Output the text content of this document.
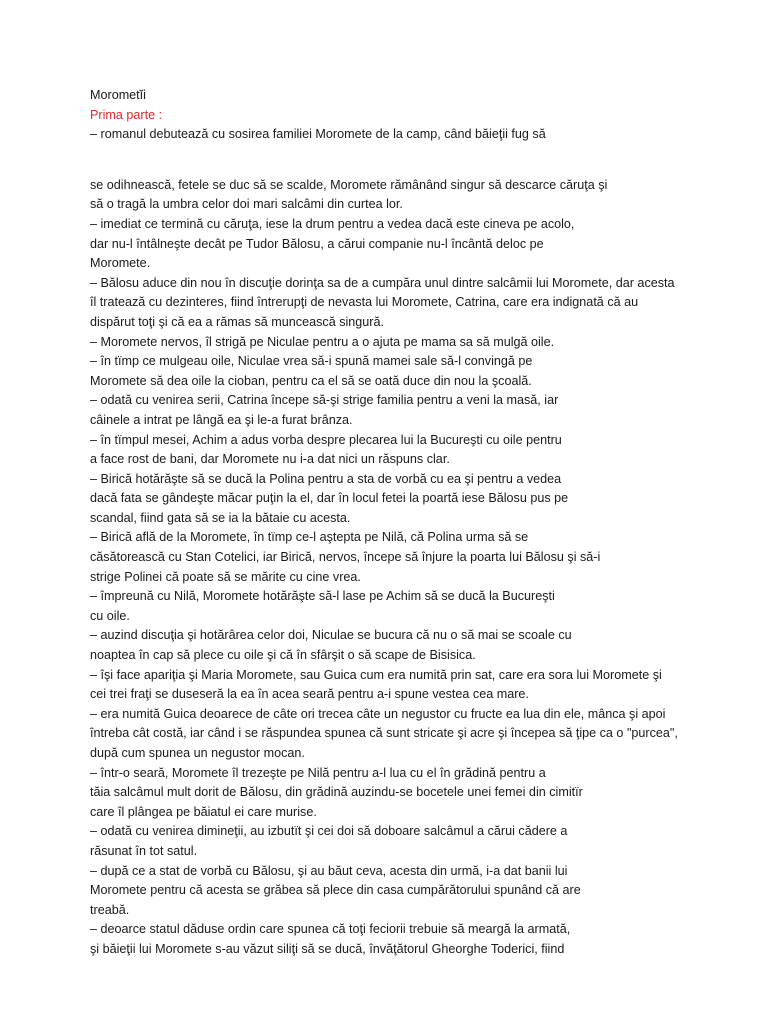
Morometĭi
Prima parte :
– romanul debutează cu sosirea familiei Moromete de la camp, când băieţii fug să
se odihnească, fetele se duc să se scalde, Moromete rămânând singur să descarce căruţa şi
să o tragă la umbra celor doi mari salcâmi din curtea lor.
– imediat ce termină cu căruţa, iese la drum pentru a vedea dacă este cineva pe acolo,
dar nu-l întâlneşte decât pe Tudor Bălosu, a cărui companie nu-l încântă deloc pe
Moromete.
– Bălosu aduce din nou în discuţie dorinţa sa de a cumpăra unul dintre salcâmii lui Moromete, dar acesta
îl tratează cu dezinteres, fiind întrerupţi de nevasta lui Moromete, Catrina, care era indignată că au
dispărut toţi şi că ea a rămas să muncească singură.
– Moromete nervos, îl strigă pe Niculae pentru a o ajuta pe mama sa să mulgă oile.
– în tïmp ce mulgeau oile, Niculae vrea să-i spună mamei sale să-l convingă pe
Moromete să dea oile la cioban, pentru ca el să se oată duce din nou la şcoală.
– odată cu venirea serii, Catrina începe să-şi strige familia pentru a veni la masă, iar
câinele a intrat pe lângă ea şi le-a furat brânza.
– în tïmpul mesei, Achim a adus vorba despre plecarea lui la Bucureşti cu oile pentru
a face rost de bani, dar Moromete nu i-a dat nici un răspuns clar.
– Birică hotărăşte să se ducă la Polina pentru a sta de vorbă cu ea şi pentru a vedea
dacă fata se gândeşte măcar puţin la el, dar în locul fetei la poartă iese Bălosu pus pe
scandal, fiind gata să se ia la bătaie cu acesta.
– Birică află de la Moromete, în tïmp ce-l aştepta pe Nilă, că Polina urma să se
căsătorească cu Stan Cotelici, iar Birică, nervos, începe să înjure la poarta lui Bălosu şi să-i
strige Polinei că poate să se mărite cu cine vrea.
– împreună cu Nilă, Moromete hotărăşte să-l lase pe Achim să se ducă la Bucureşti
cu oile.
– auzind discuţia şi hotărârea celor doi, Niculae se bucura că nu o să mai se scoale cu
noaptea în cap să plece cu oile şi că în sfârşit o să scape de Bisisica.
– îşi face apariţia şi Maria Moromete, sau Guica cum era numită prin sat, care era sora lui Moromete şi
cei trei fraţi se duseseră la ea în acea seară pentru a-i spune vestea cea mare.
– era numită Guica deoarece de câte ori trecea câte un negustor cu fructe ea lua din ele, mânca şi apoi
întreba cât costă, iar când i se răspundea spunea că sunt stricate şi acre şi începea să ţipe ca o "purcea",
după cum spunea un negustor mocan.
– într-o seară, Moromete îl trezeşte pe Nilă pentru a-l lua cu el în grădină pentru a
tăia salcâmul mult dorit de Bălosu, din grădină auzindu-se bocetele unei femei din cimitïr
care îl plângea pe băiatul ei care murise.
– odată cu venirea dimineţii, au izbutït şi cei doi să doboare salcâmul a cărui cădere a
răsunat în tot satul.
– după ce a stat de vorbă cu Bălosu, şi au băut ceva, acesta din urmă, i-a dat banii lui
Moromete pentru că acesta se grăbea să plece din casa cumpărătorului spunând că are
treabă.
– deoarce statul dăduse ordin care spunea că toţi feciorii trebuie să meargă la armată,
şi băieţii lui Moromete s-au văzut siliţi să se ducă, învăţătorul Gheorghe Toderici, fiind
